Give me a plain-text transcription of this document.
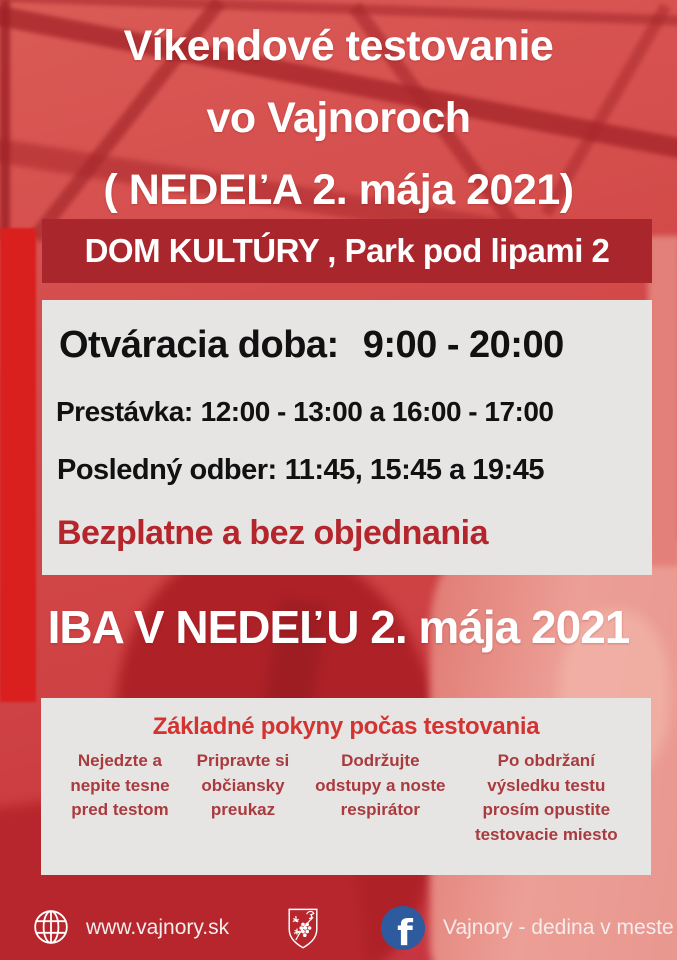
Víkendové testovanie
vo Vajnoroch
( NEDEĽA 2. mája 2021)
DOM KULTÚRY , Park pod lipami 2
Otváracia doba: 9:00 - 20:00
Prestávka: 12:00 - 13:00 a 16:00 - 17:00
Posledný odber: 11:45, 15:45 a 19:45
Bezplatne a bez objednania
IBA V NEDEĽU 2. mája 2021
Základné pokyny počas testovania
Nejedzte a nepite tesne pred testom
Pripravte si občiansky preukaz
Dodržujte odstupy a noste respirátor
Po obdržaní výsledku testu prosím opustite testovacie miesto
www.vajnory.sk	f Vajnory - dedina v meste
